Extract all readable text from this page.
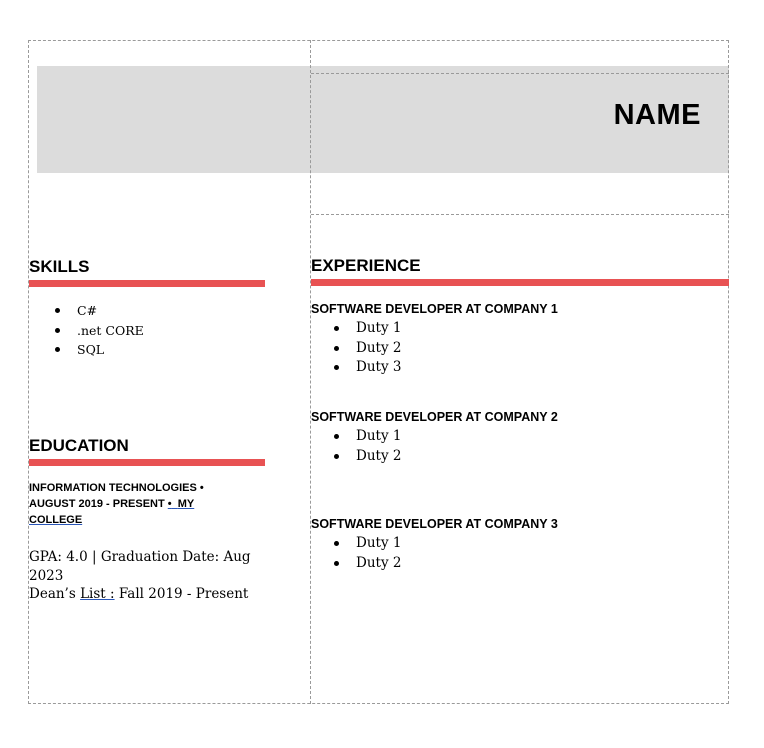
NAME
SKILLS
C#
.net CORE
SQL
EDUCATION
INFORMATION TECHNOLOGIES • AUGUST 2019 - PRESENT • MY COLLEGE
GPA: 4.0 | Graduation Date: Aug 2023
Dean’s List : Fall 2019 - Present
EXPERIENCE
SOFTWARE DEVELOPER AT COMPANY 1
Duty 1
Duty 2
Duty 3
SOFTWARE DEVELOPER AT COMPANY 2
Duty 1
Duty 2
SOFTWARE DEVELOPER AT COMPANY 3
Duty 1
Duty 2
